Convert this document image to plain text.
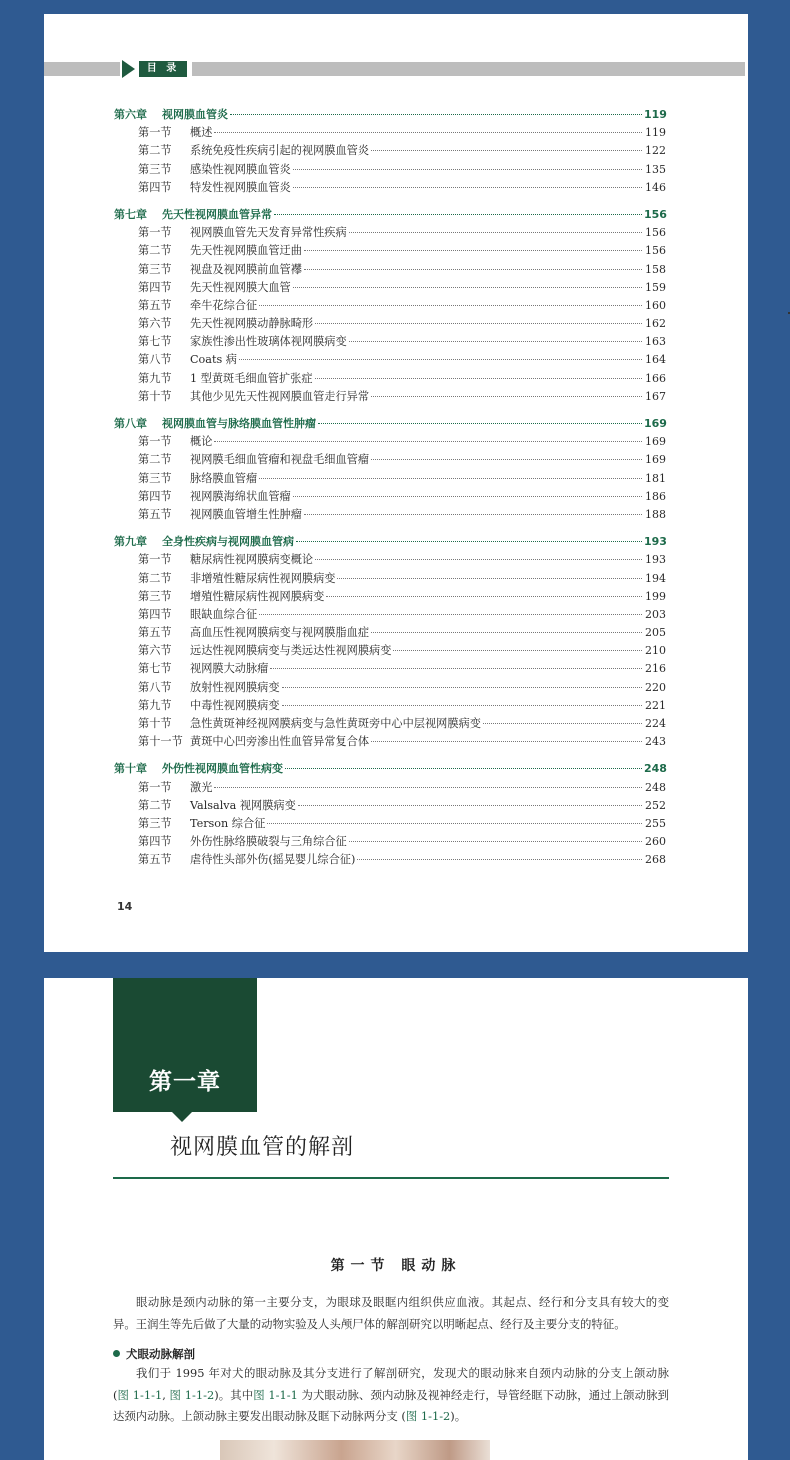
目 录
第六章	视网膜血管炎	119
第一节	概述	119
第二节	系统免疫性疾病引起的视网膜血管炎	122
第三节	感染性视网膜血管炎	135
第四节	特发性视网膜血管炎	146
第七章	先天性视网膜血管异常	156
第一节	视网膜血管先天发育异常性疾病	156
第二节	先天性视网膜血管迂曲	156
第三节	视盘及视网膜前血管襻	158
第四节	先天性视网膜大血管	159
第五节	牵牛花综合征	160
第六节	先天性视网膜动静脉畸形	162
第七节	家族性渗出性玻璃体视网膜病变	163
第八节	Coats 病	164
第九节	1 型黄斑毛细血管扩张症	166
第十节	其他少见先天性视网膜血管走行异常	167
第八章	视网膜血管与脉络膜血管性肿瘤	169
第一节	概论	169
第二节	视网膜毛细血管瘤和视盘毛细血管瘤	169
第三节	脉络膜血管瘤	181
第四节	视网膜海绵状血管瘤	186
第五节	视网膜血管增生性肿瘤	188
第九章	全身性疾病与视网膜血管病	193
第一节	糖尿病性视网膜病变概论	193
第二节	非增殖性糖尿病性视网膜病变	194
第三节	增殖性糖尿病性视网膜病变	199
第四节	眼缺血综合征	203
第五节	高血压性视网膜病变与视网膜脂血症	205
第六节	远达性视网膜病变与类远达性视网膜病变	210
第七节	视网膜大动脉瘤	216
第八节	放射性视网膜病变	220
第九节	中毒性视网膜病变	221
第十节	急性黄斑神经视网膜病变与急性黄斑旁中心中层视网膜病变	224
第十一节 黄斑中心凹旁渗出性血管异常复合体	243
第十章	外伤性视网膜血管性病变	248
第一节	激光	248
第二节	Valsalva 视网膜病变	252
第三节	Terson 综合征	255
第四节	外伤性脉络膜破裂与三角综合征	260
第五节	虐待性头部外伤(摇晃婴儿综合征)	268
14
第一章
视网膜血管的解剖
第一节 眼动脉

眼动脉是颈内动脉的第一主要分支，为眼球及眼眶内组织供应血液。其起点、经行和分支具有较大的变异。王润生等先后做了大量的动物实验及人头颅尸体的解剖研究以明晰起点、经行及主要分支的特征。

犬眼动脉解剖

我们于 1995 年对犬的眼动脉及其分支进行了解剖研究，发现犬的眼动脉来自颈内动脉的分支上颌动脉 (图 1-1-1, 图 1-1-2)。其中图 1-1-1 为犬眼动脉、颈内动脉及视神经走行，导管经眶下动脉，通过上颌动脉到达颈内动脉。上颌动脉主要发出眼动脉及眶下动脉两分支 (图 1-1-2)。
